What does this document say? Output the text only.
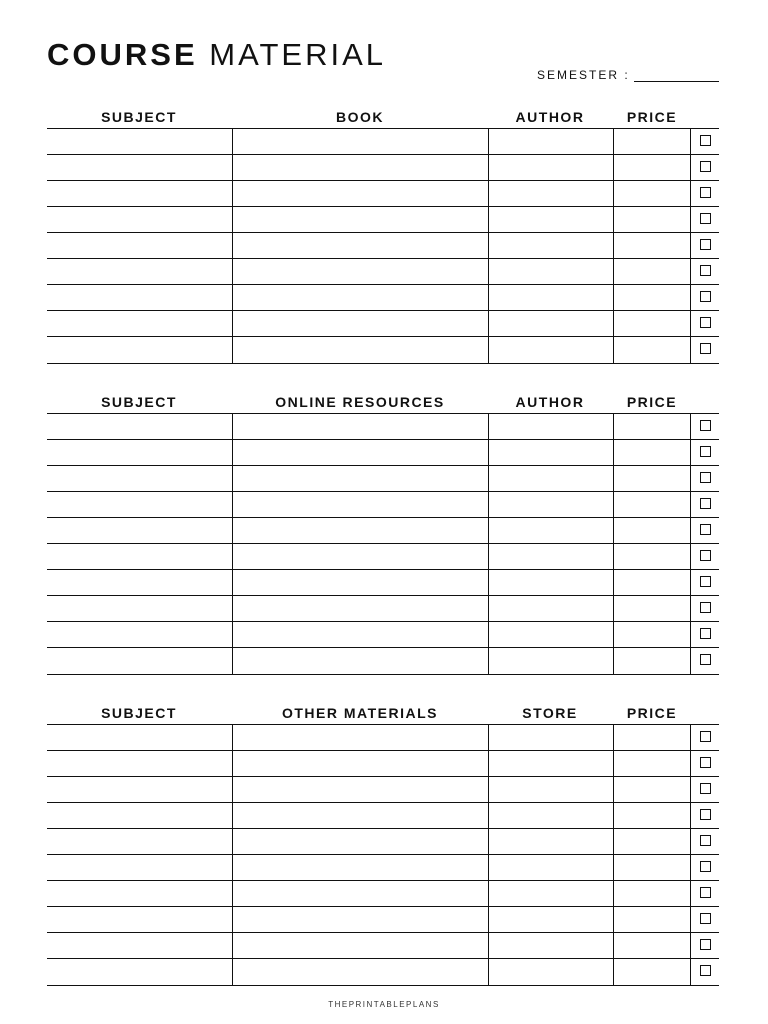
COURSE MATERIAL
SEMESTER :
SUBJECT	BOOK	AUTHOR	PRICE
SUBJECT	ONLINE RESOURCES	AUTHOR	PRICE
SUBJECT	OTHER MATERIALS	STORE	PRICE
THEPRINTABLEPLANS
